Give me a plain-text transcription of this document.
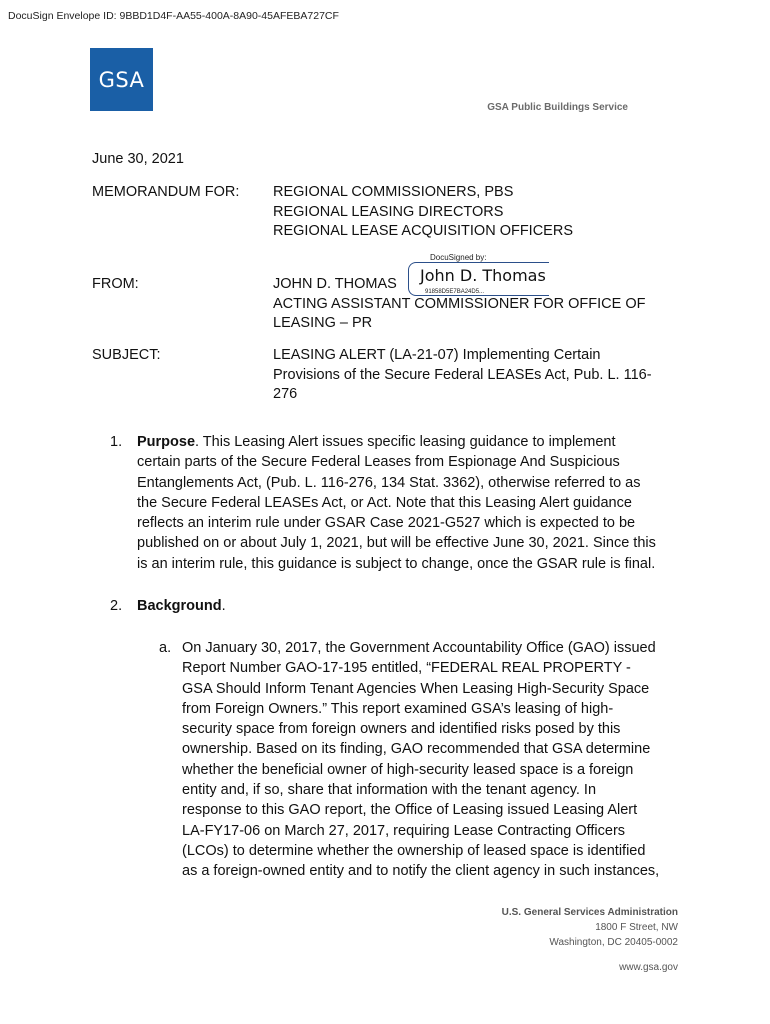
DocuSign Envelope ID: 9BBD1D4F-AA55-400A-8A90-45AFEBA727CF
GSA
GSA Public Buildings Service
June 30, 2021
MEMORANDUM FOR: REGIONAL COMMISSIONERS, PBS
REGIONAL LEASING DIRECTORS
REGIONAL LEASE ACQUISITION OFFICERS
FROM:	JOHN D. THOMAS
ACTING ASSISTANT COMMISSIONER FOR OFFICE OF
LEASING – PR
DocuSigned by:
John D. Thomas
91858D5E7BA24D5...
SUBJECT:	LEASING ALERT (LA-21-07) Implementing Certain
Provisions of the Secure Federal LEASEs Act, Pub. L. 116-
276
1. Purpose. This Leasing Alert issues specific leasing guidance to implement
certain parts of the Secure Federal Leases from Espionage And Suspicious
Entanglements Act, (Pub. L. 116-276, 134 Stat. 3362), otherwise referred to as
the Secure Federal LEASEs Act, or Act. Note that this Leasing Alert guidance
reflects an interim rule under GSAR Case 2021-G527 which is expected to be
published on or about July 1, 2021, but will be effective June 30, 2021. Since this
is an interim rule, this guidance is subject to change, once the GSAR rule is final.
2. Background.
a. On January 30, 2017, the Government Accountability Office (GAO) issued
Report Number GAO-17-195 entitled, “FEDERAL REAL PROPERTY -
GSA Should Inform Tenant Agencies When Leasing High-Security Space
from Foreign Owners.” This report examined GSA’s leasing of high-
security space from foreign owners and identified risks posed by this
ownership. Based on its finding, GAO recommended that GSA determine
whether the beneficial owner of high-security leased space is a foreign
entity and, if so, share that information with the tenant agency. In
response to this GAO report, the Office of Leasing issued Leasing Alert
LA-FY17-06 on March 27, 2017, requiring Lease Contracting Officers
(LCOs) to determine whether the ownership of leased space is identified
as a foreign-owned entity and to notify the client agency in such instances,
U.S. General Services Administration
1800 F Street, NW
Washington, DC 20405-0002
www.gsa.gov
